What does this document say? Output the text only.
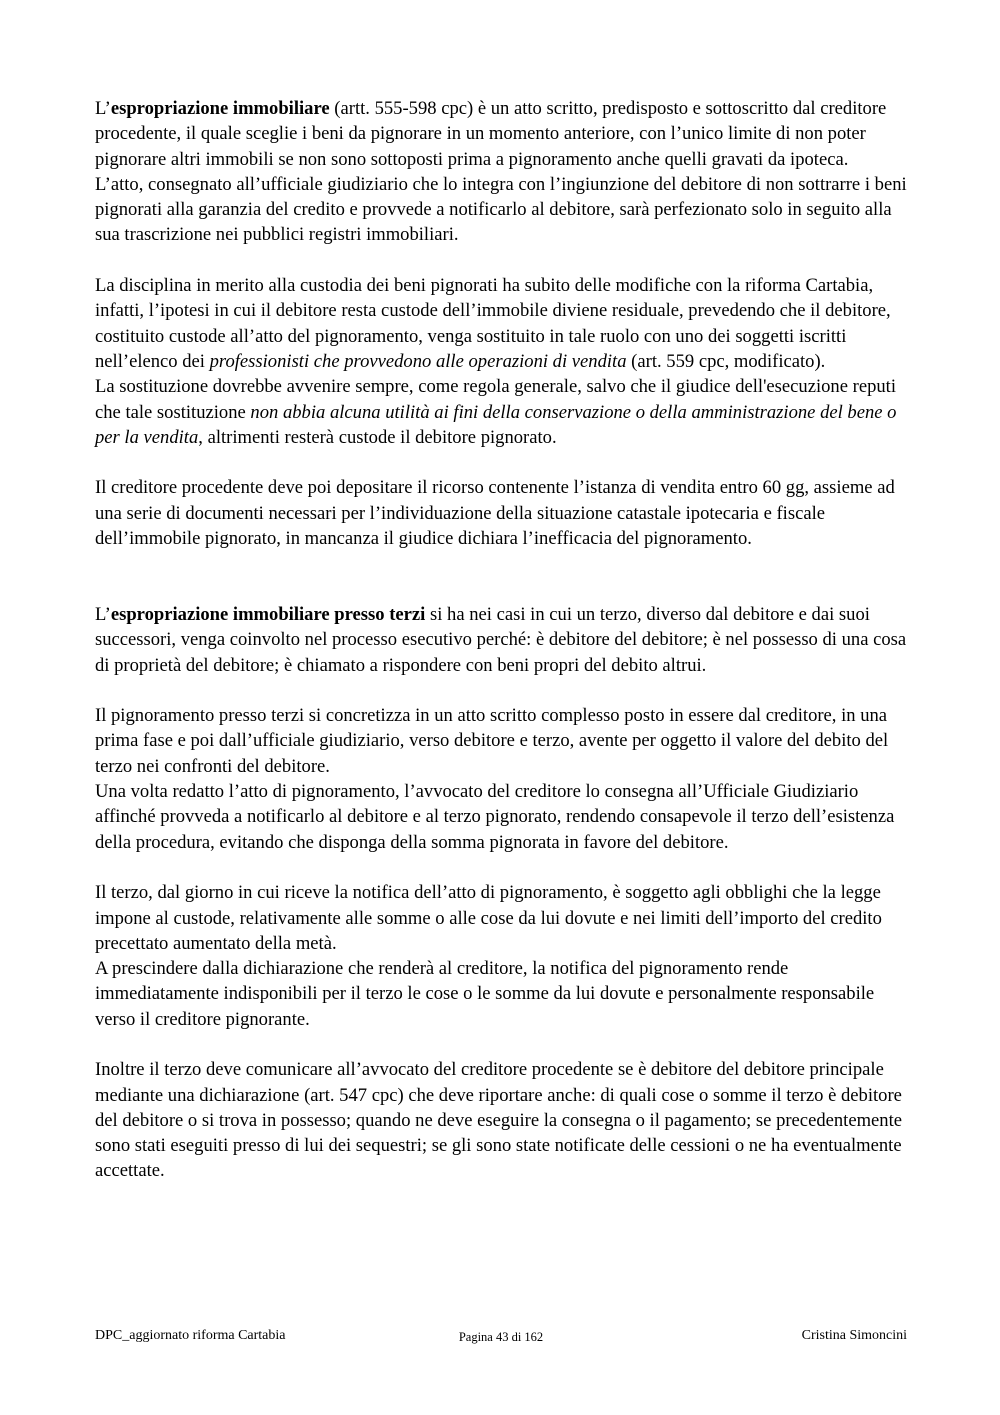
L’espropriazione immobiliare (artt. 555-598 cpc) è un atto scritto, predisposto e sottoscritto dal creditore procedente, il quale sceglie i beni da pignorare in un momento anteriore, con l’unico limite di non poter pignorare altri immobili se non sono sottoposti prima a pignoramento anche quelli gravati da ipoteca.

L’atto, consegnato all’ufficiale giudiziario che lo integra con l’ingiunzione del debitore di non sottrarre i beni pignorati alla garanzia del credito e provvede a notificarlo al debitore, sarà perfezionato solo in seguito alla sua trascrizione nei pubblici registri immobiliari.

La disciplina in merito alla custodia dei beni pignorati ha subito delle modifiche con la riforma Cartabia, infatti, l’ipotesi in cui il debitore resta custode dell’immobile diviene residuale, prevedendo che il debitore, costituito custode all’atto del pignoramento, venga sostituito in tale ruolo con uno dei soggetti iscritti nell’elenco dei professionisti che provvedono alle operazioni di vendita (art. 559 cpc, modificato).

La sostituzione dovrebbe avvenire sempre, come regola generale, salvo che il giudice dell'esecuzione reputi che tale sostituzione non abbia alcuna utilità ai fini della conservazione o della amministrazione del bene o per la vendita, altrimenti resterà custode il debitore pignorato.

Il creditore procedente deve poi depositare il ricorso contenente l’istanza di vendita entro 60 gg, assieme ad una serie di documenti necessari per l’individuazione della situazione catastale ipotecaria e fiscale dell’immobile pignorato, in mancanza il giudice dichiara l’inefficacia del pignoramento.

L’espropriazione immobiliare presso terzi si ha nei casi in cui un terzo, diverso dal debitore e dai suoi successori, venga coinvolto nel processo esecutivo perché: è debitore del debitore; è nel possesso di una cosa di proprietà del debitore; è chiamato a rispondere con beni propri del debito altrui.

Il pignoramento presso terzi si concretizza in un atto scritto complesso posto in essere dal creditore, in una prima fase e poi dall’ufficiale giudiziario, verso debitore e terzo, avente per oggetto il valore del debito del terzo nei confronti del debitore.

Una volta redatto l’atto di pignoramento, l’avvocato del creditore lo consegna all’Ufficiale Giudiziario affinché provveda a notificarlo al debitore e al terzo pignorato, rendendo consapevole il terzo dell’esistenza della procedura, evitando che disponga della somma pignorata in favore del debitore.

Il terzo, dal giorno in cui riceve la notifica dell’atto di pignoramento, è soggetto agli obblighi che la legge impone al custode, relativamente alle somme o alle cose da lui dovute e nei limiti dell’importo del credito precettato aumentato della metà.

A prescindere dalla dichiarazione che renderà al creditore, la notifica del pignoramento rende immediatamente indisponibili per il terzo le cose o le somme da lui dovute e personalmente responsabile verso il creditore pignorante.

Inoltre il terzo deve comunicare all’avvocato del creditore procedente se è debitore del debitore principale mediante una dichiarazione (art. 547 cpc) che deve riportare anche: di quali cose o somme il terzo è debitore del debitore o si trova in possesso; quando ne deve eseguire la consegna o il pagamento; se precedentemente sono stati eseguiti presso di lui dei sequestri; se gli sono state notificate delle cessioni o ne ha eventualmente accettate.

DPC_aggiornato riforma Cartabia	Pagina 43 di 162	Cristina Simoncini
